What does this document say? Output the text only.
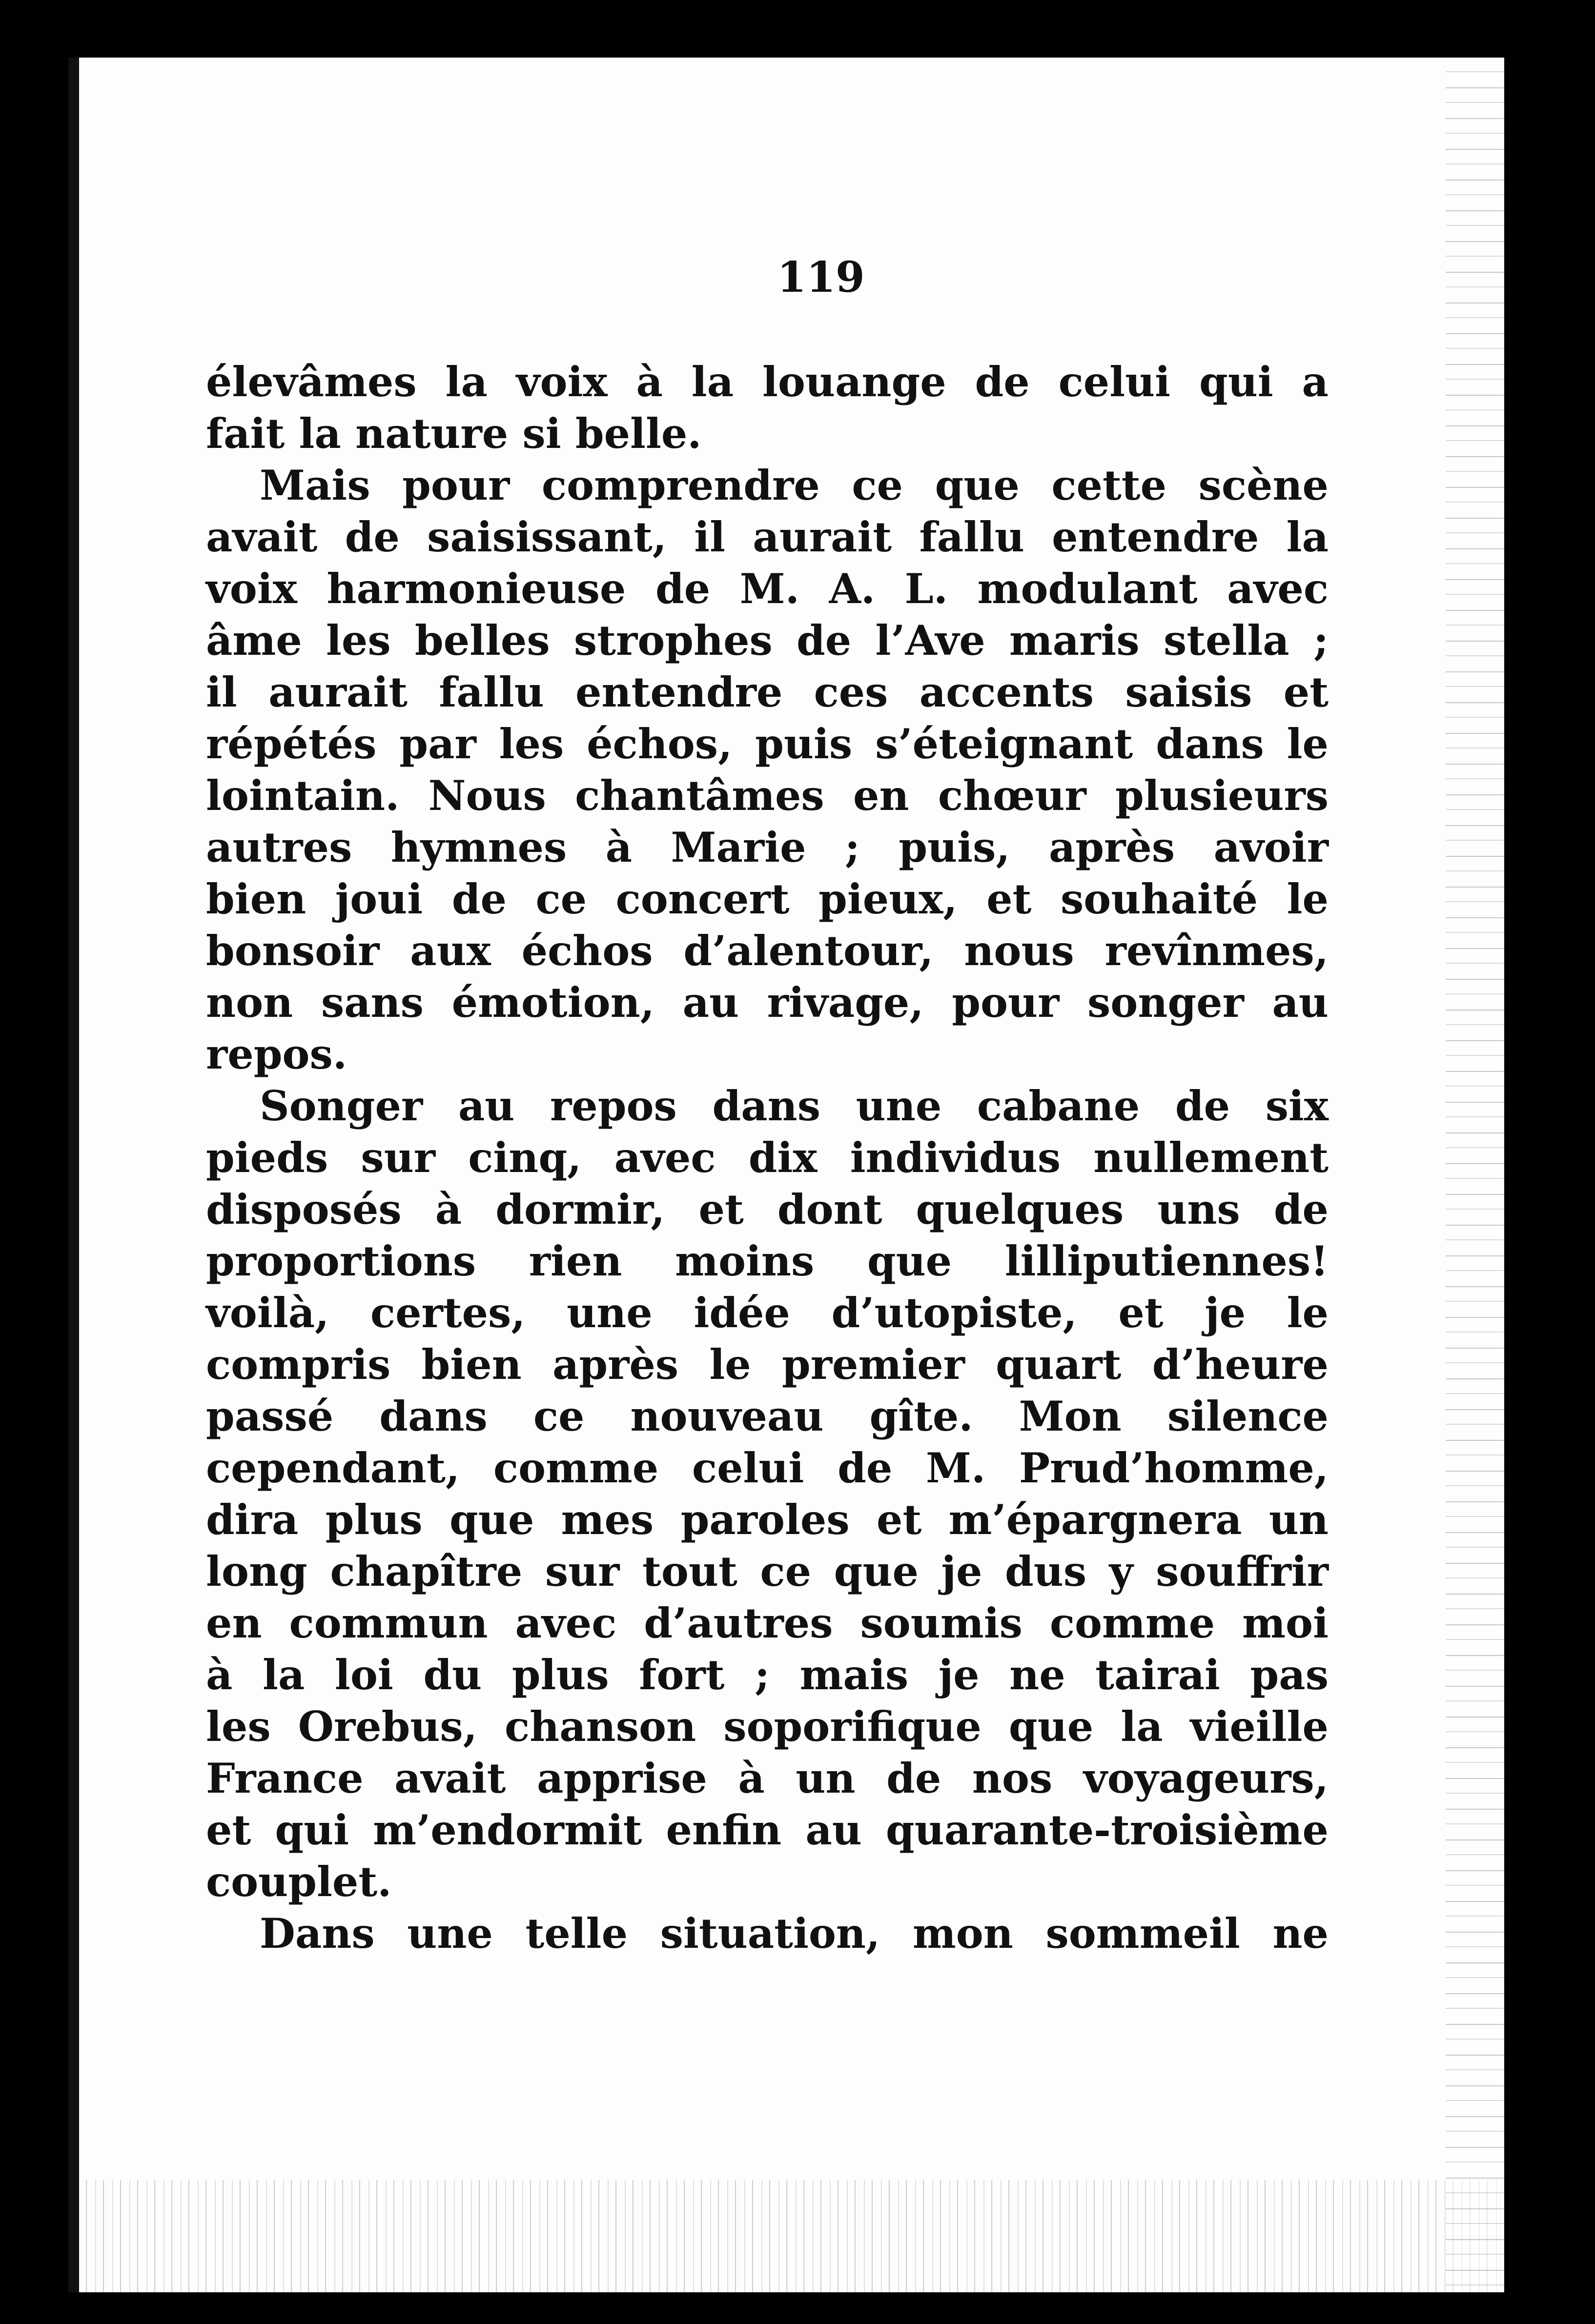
119

élevâmes la voix à la louange de celui qui a
fait la nature si belle.

Mais pour comprendre ce que cette scène
avait de saisissant, il aurait fallu entendre la
voix harmonieuse de M. A. L. modulant avec
âme les belles strophes de l’Ave maris stella ;
il aurait fallu entendre ces accents saisis et
répétés par les échos, puis s’éteignant dans le
lointain. Nous chantâmes en chœur plusieurs
autres hymnes à Marie ; puis, après avoir
bien joui de ce concert pieux, et souhaité le
bonsoir aux échos d’alentour, nous revînmes,
non sans émotion, au rivage, pour songer au
repos.

Songer au repos dans une cabane de six
pieds sur cinq, avec dix individus nullement
disposés à dormir, et dont quelques uns de
proportions rien moins que lilliputiennes!
voilà, certes, une idée d’utopiste, et je le
compris bien après le premier quart d’heure
passé dans ce nouveau gîte. Mon silence
cependant, comme celui de M. Prud’homme,
dira plus que mes paroles et m’épargnera un
long chapître sur tout ce que je dus y souffrir
en commun avec d’autres soumis comme moi
à la loi du plus fort ; mais je ne tairai pas
les Orebus, chanson soporifique que la vieille
France avait apprise à un de nos voyageurs,
et qui m’endormit enfin au quarante-troisième
couplet.

Dans une telle situation, mon sommeil ne
